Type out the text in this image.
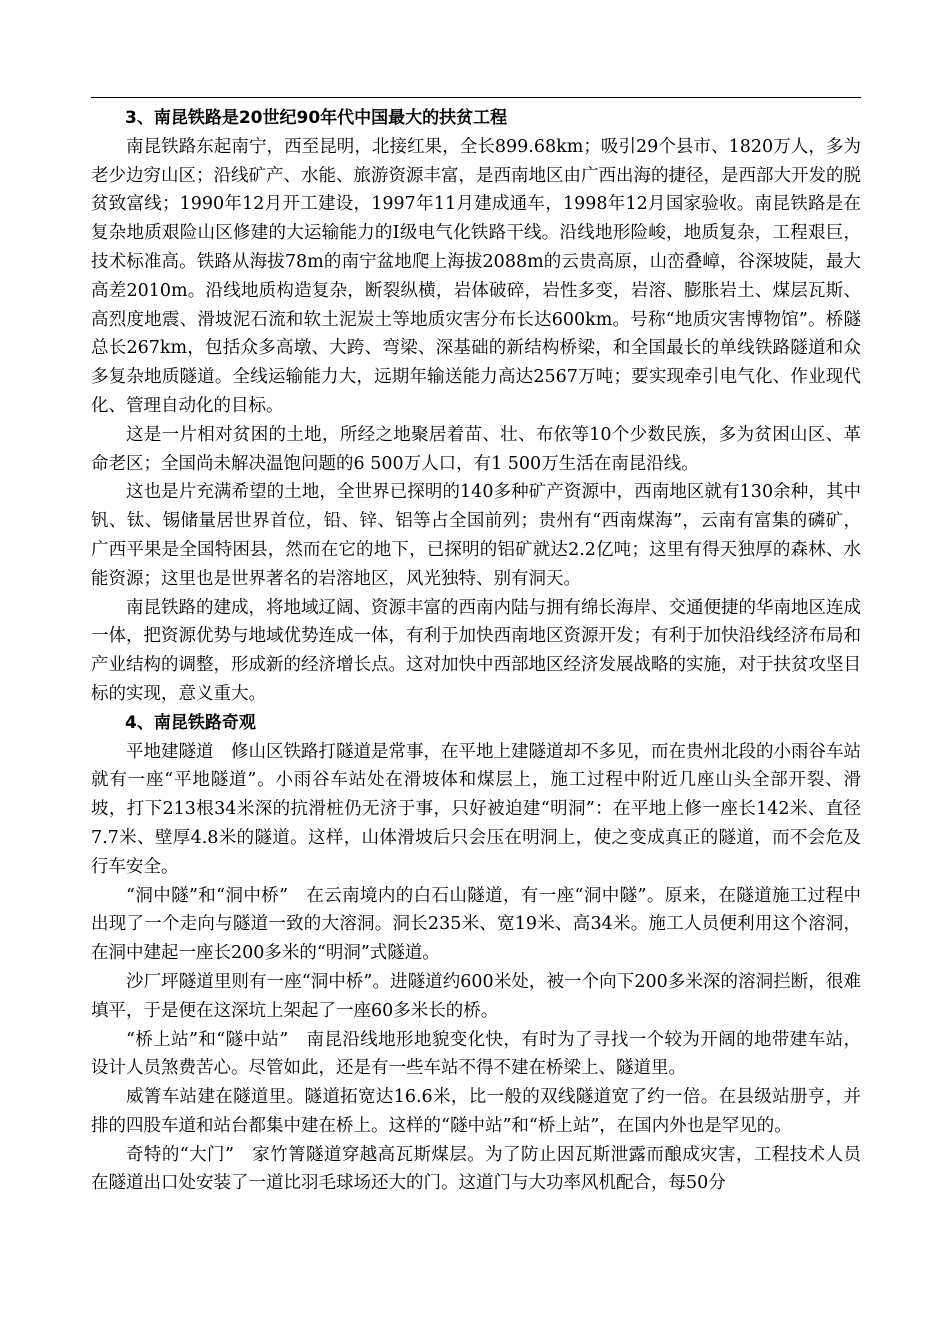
3、南昆铁路是20世纪90年代中国最大的扶贫工程

南昆铁路东起南宁，西至昆明，北接红果，全长899.68km；吸引29个县市、1820万人，多为老少边穷山区；沿线矿产、水能、旅游资源丰富，是西南地区由广西出海的捷径，是西部大开发的脱贫致富线；1990年12月开工建设，1997年11月建成通车，1998年12月国家验收。南昆铁路是在复杂地质艰险山区修建的大运输能力的Ⅰ级电气化铁路干线。沿线地形险峻，地质复杂，工程艰巨，技术标准高。铁路从海拔78m的南宁盆地爬上海拔2088m的云贵高原，山峦叠嶂，谷深坡陡，最大高差2010m。沿线地质构造复杂，断裂纵横，岩体破碎，岩性多变，岩溶、膨胀岩土、煤层瓦斯、高烈度地震、滑坡泥石流和软土泥炭土等地质灾害分布长达600km。号称“地质灾害博物馆”。桥隧总长267km，包括众多高墩、大跨、弯梁、深基础的新结构桥梁，和全国最长的单线铁路隧道和众多复杂地质隧道。全线运输能力大，远期年输送能力高达2567万吨；要实现牵引电气化、作业现代化、管理自动化的目标。

这是一片相对贫困的土地，所经之地聚居着苗、壮、布依等10个少数民族，多为贫困山区、革命老区；全国尚未解决温饱问题的6 500万人口，有1 500万生活在南昆沿线。

这也是片充满希望的土地，全世界已探明的140多种矿产资源中，西南地区就有130余种，其中钒、钛、锡储量居世界首位，铅、锌、铝等占全国前列；贵州有“西南煤海”，云南有富集的磷矿，广西平果是全国特困县，然而在它的地下，已探明的铝矿就达2.2亿吨；这里有得天独厚的森林、水能资源；这里也是世界著名的岩溶地区，风光独特、别有洞天。

南昆铁路的建成，将地域辽阔、资源丰富的西南内陆与拥有绵长海岸、交通便捷的华南地区连成一体，把资源优势与地域优势连成一体，有利于加快西南地区资源开发；有利于加快沿线经济布局和产业结构的调整，形成新的经济增长点。这对加快中西部地区经济发展战略的实施，对于扶贫攻坚目标的实现，意义重大。

4、南昆铁路奇观

平地建隧道　修山区铁路打隧道是常事，在平地上建隧道却不多见，而在贵州北段的小雨谷车站就有一座“平地隧道”。小雨谷车站处在滑坡体和煤层上，施工过程中附近几座山头全部开裂、滑坡，打下213根34米深的抗滑桩仍无济于事，只好被迫建“明洞”：在平地上修一座长142米、直径7.7米、壁厚4.8米的隧道。这样，山体滑坡后只会压在明洞上，使之变成真正的隧道，而不会危及行车安全。

“洞中隧”和“洞中桥”　在云南境内的白石山隧道，有一座“洞中隧”。原来，在隧道施工过程中出现了一个走向与隧道一致的大溶洞。洞长235米、宽19米、高34米。施工人员便利用这个溶洞，在洞中建起一座长200多米的“明洞”式隧道。

沙厂坪隧道里则有一座“洞中桥”。进隧道约600米处，被一个向下200多米深的溶洞拦断，很难填平，于是便在这深坑上架起了一座60多米长的桥。

“桥上站”和“隧中站”　南昆沿线地形地貌变化快，有时为了寻找一个较为开阔的地带建车站，设计人员煞费苦心。尽管如此，还是有一些车站不得不建在桥梁上、隧道里。

威箐车站建在隧道里。隧道拓宽达16.6米，比一般的双线隧道宽了约一倍。在县级站册亨，并排的四股车道和站台都集中建在桥上。这样的“隧中站”和“桥上站”，在国内外也是罕见的。

奇特的“大门”　家竹箐隧道穿越高瓦斯煤层。为了防止因瓦斯泄露而酿成灾害，工程技术人员在隧道出口处安装了一道比羽毛球场还大的门。这道门与大功率风机配合，每50分
